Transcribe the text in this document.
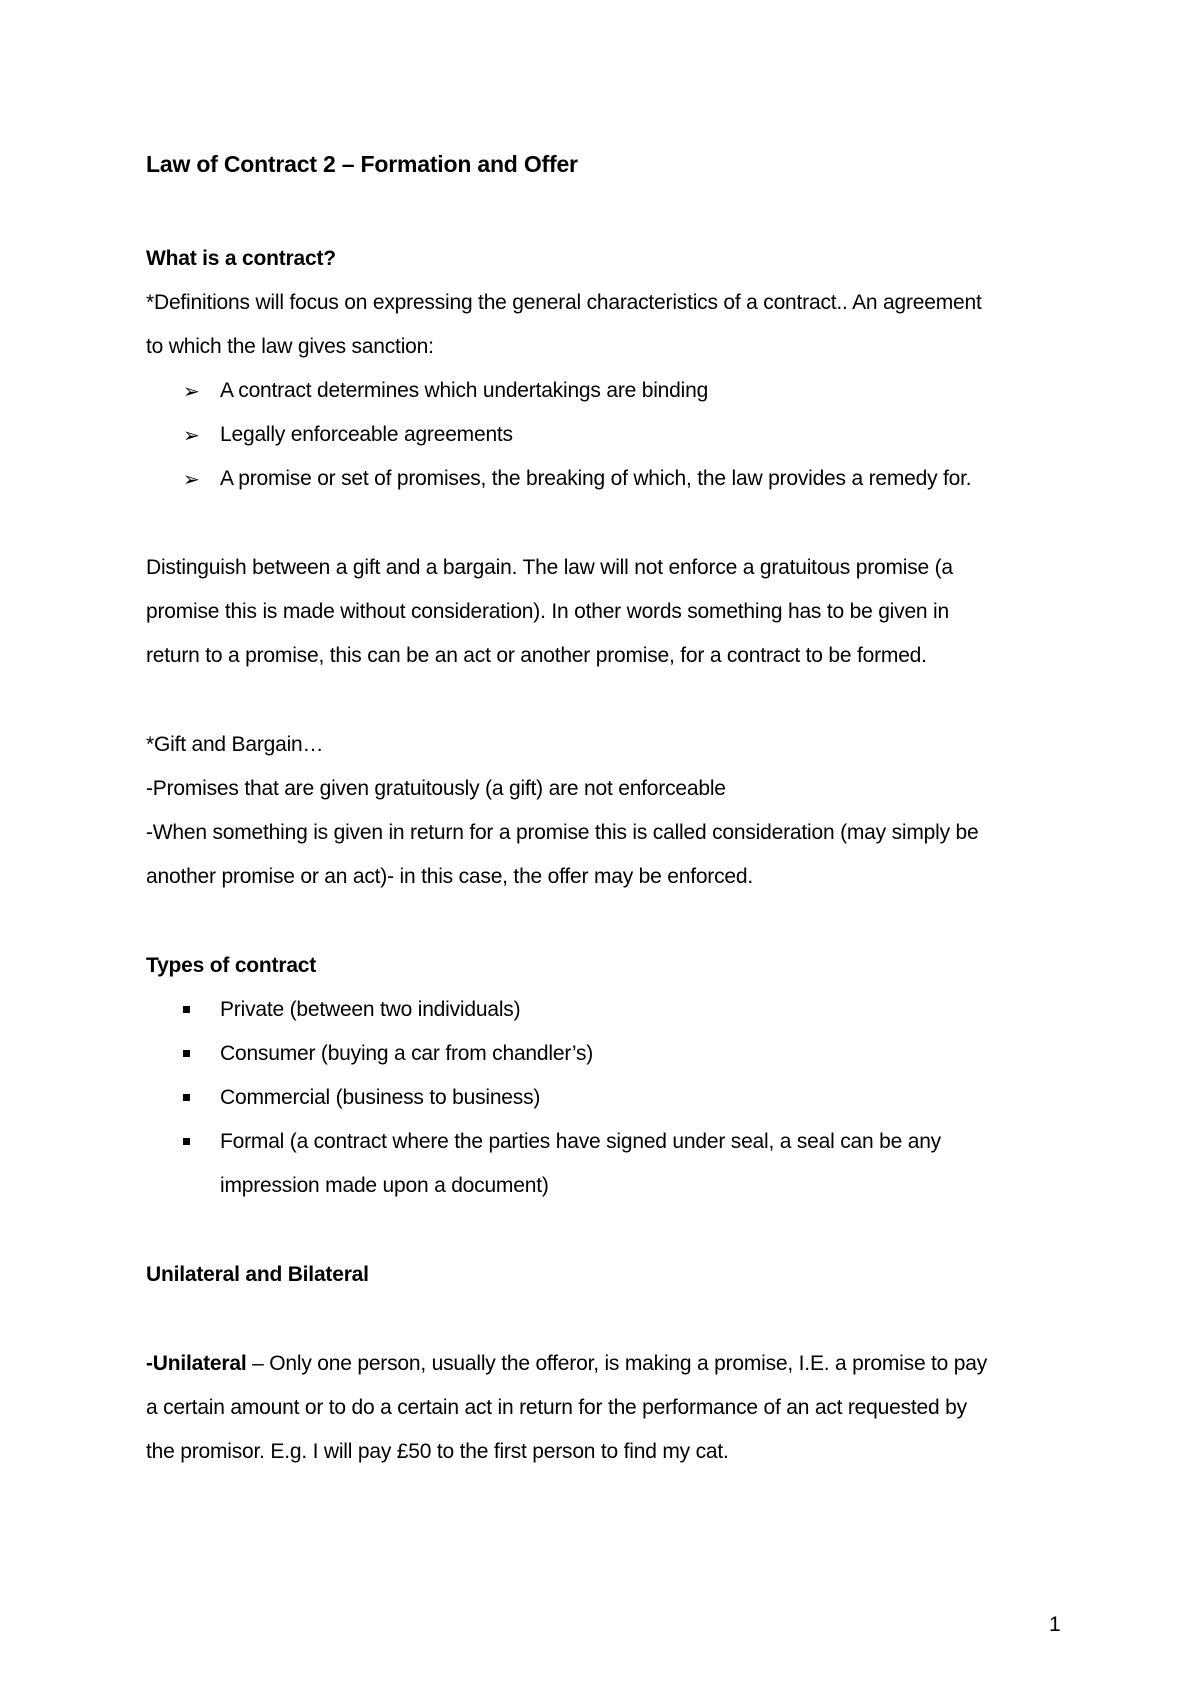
Law of Contract 2 – Formation and Offer
What is a contract?
*Definitions will focus on expressing the general characteristics of a contract.. An agreement
to which the law gives sanction:
➢ A contract determines which undertakings are binding
➢ Legally enforceable agreements
➢ A promise or set of promises, the breaking of which, the law provides a remedy for.
Distinguish between a gift and a bargain. The law will not enforce a gratuitous promise (a
promise this is made without consideration). In other words something has to be given in
return to a promise, this can be an act or another promise, for a contract to be formed.
*Gift and Bargain…
-Promises that are given gratuitously (a gift) are not enforceable
-When something is given in return for a promise this is called consideration (may simply be
another promise or an act)- in this case, the offer may be enforced.
Types of contract
Private (between two individuals)
Consumer (buying a car from chandler’s)
Commercial (business to business)
Formal (a contract where the parties have signed under seal, a seal can be any
impression made upon a document)
Unilateral and Bilateral
-Unilateral – Only one person, usually the offeror, is making a promise, I.E. a promise to pay
a certain amount or to do a certain act in return for the performance of an act requested by
the promisor. E.g. I will pay £50 to the first person to find my cat.
1
